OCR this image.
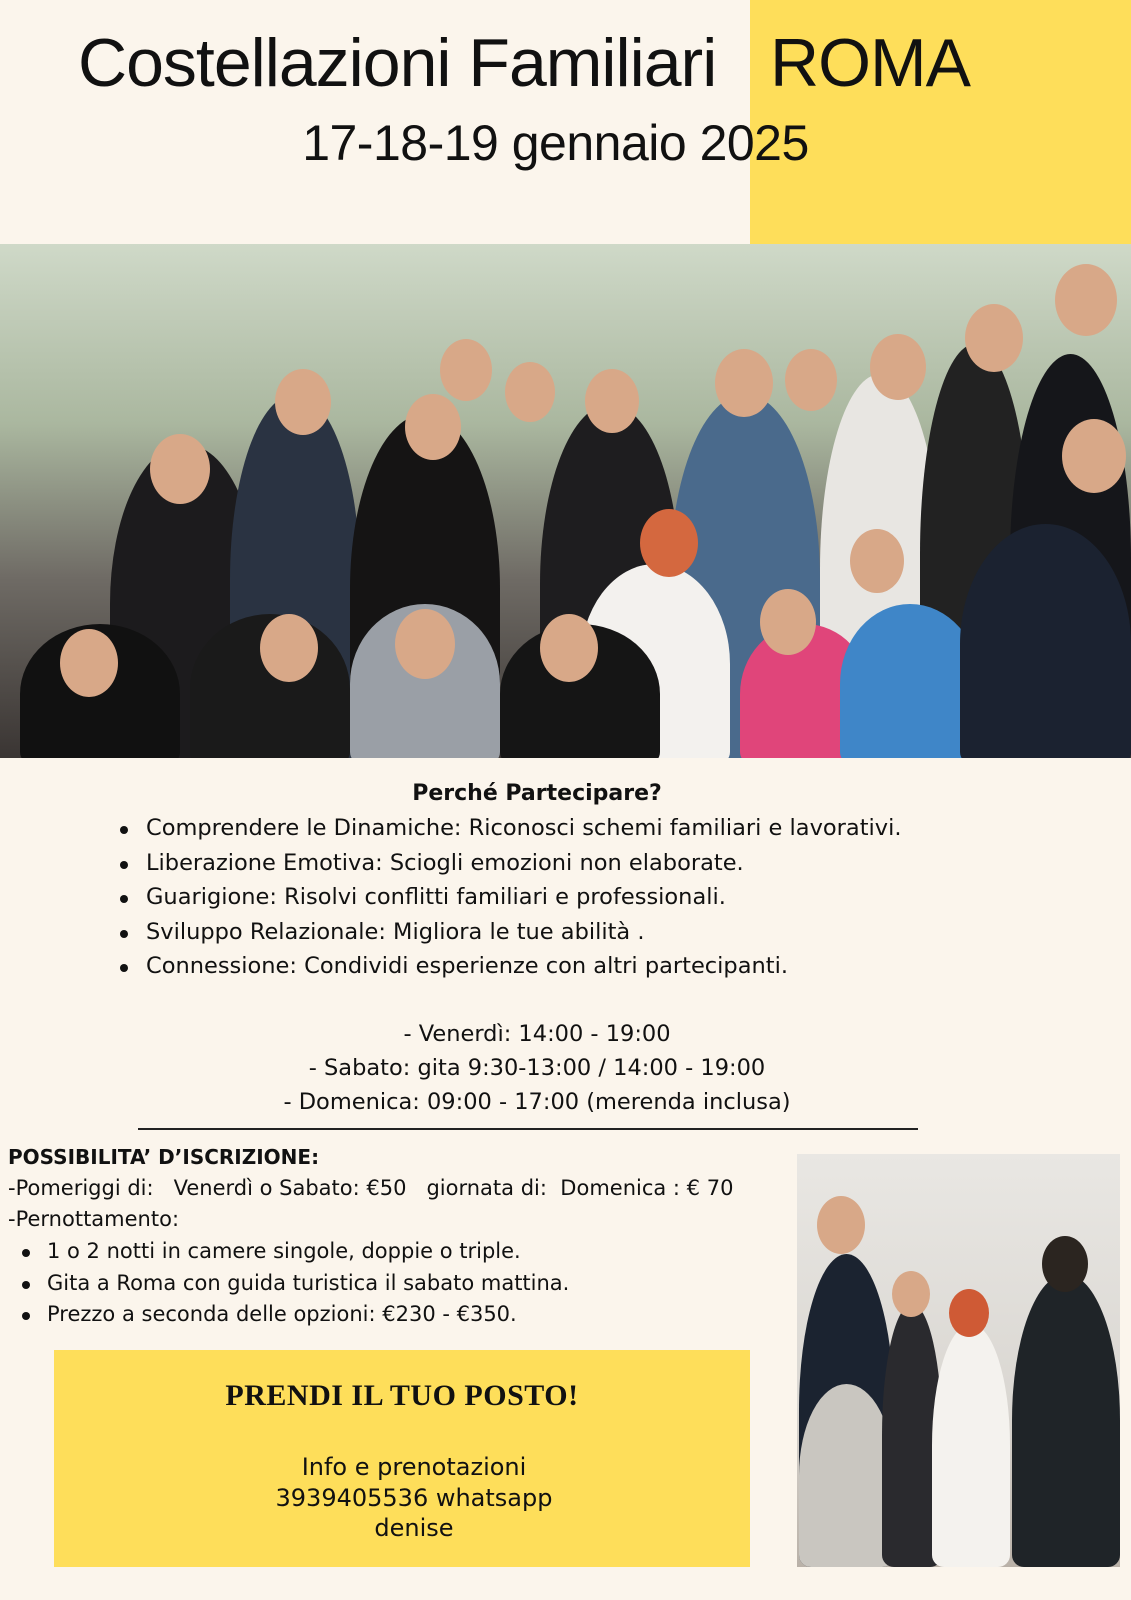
Costellazioni Familiari   ROMA
17-18-19 gennaio 2025
Perché Partecipare?
Comprendere le Dinamiche: Riconosci schemi familiari e lavorativi.
Liberazione Emotiva: Sciogli emozioni non elaborate.
Guarigione: Risolvi conflitti familiari e professionali.
Sviluppo Relazionale: Migliora le tue abilità .
Connessione: Condividi esperienze con altri partecipanti.
- Venerdì: 14:00 - 19:00
- Sabato: gita 9:30-13:00 / 14:00 - 19:00
- Domenica: 09:00 - 17:00 (merenda inclusa)
POSSIBILITA’ D’ISCRIZIONE:
-Pomeriggi di:   Venerdì o Sabato: €50   giornata di:  Domenica : € 70
-Pernottamento:
1 o 2 notti in camere singole, doppie o triple.
Gita a Roma con guida turistica il sabato mattina.
Prezzo a seconda delle opzioni: €230 - €350.
PRENDI IL TUO POSTO!
Info e prenotazioni
3939405536 whatsapp
denise
